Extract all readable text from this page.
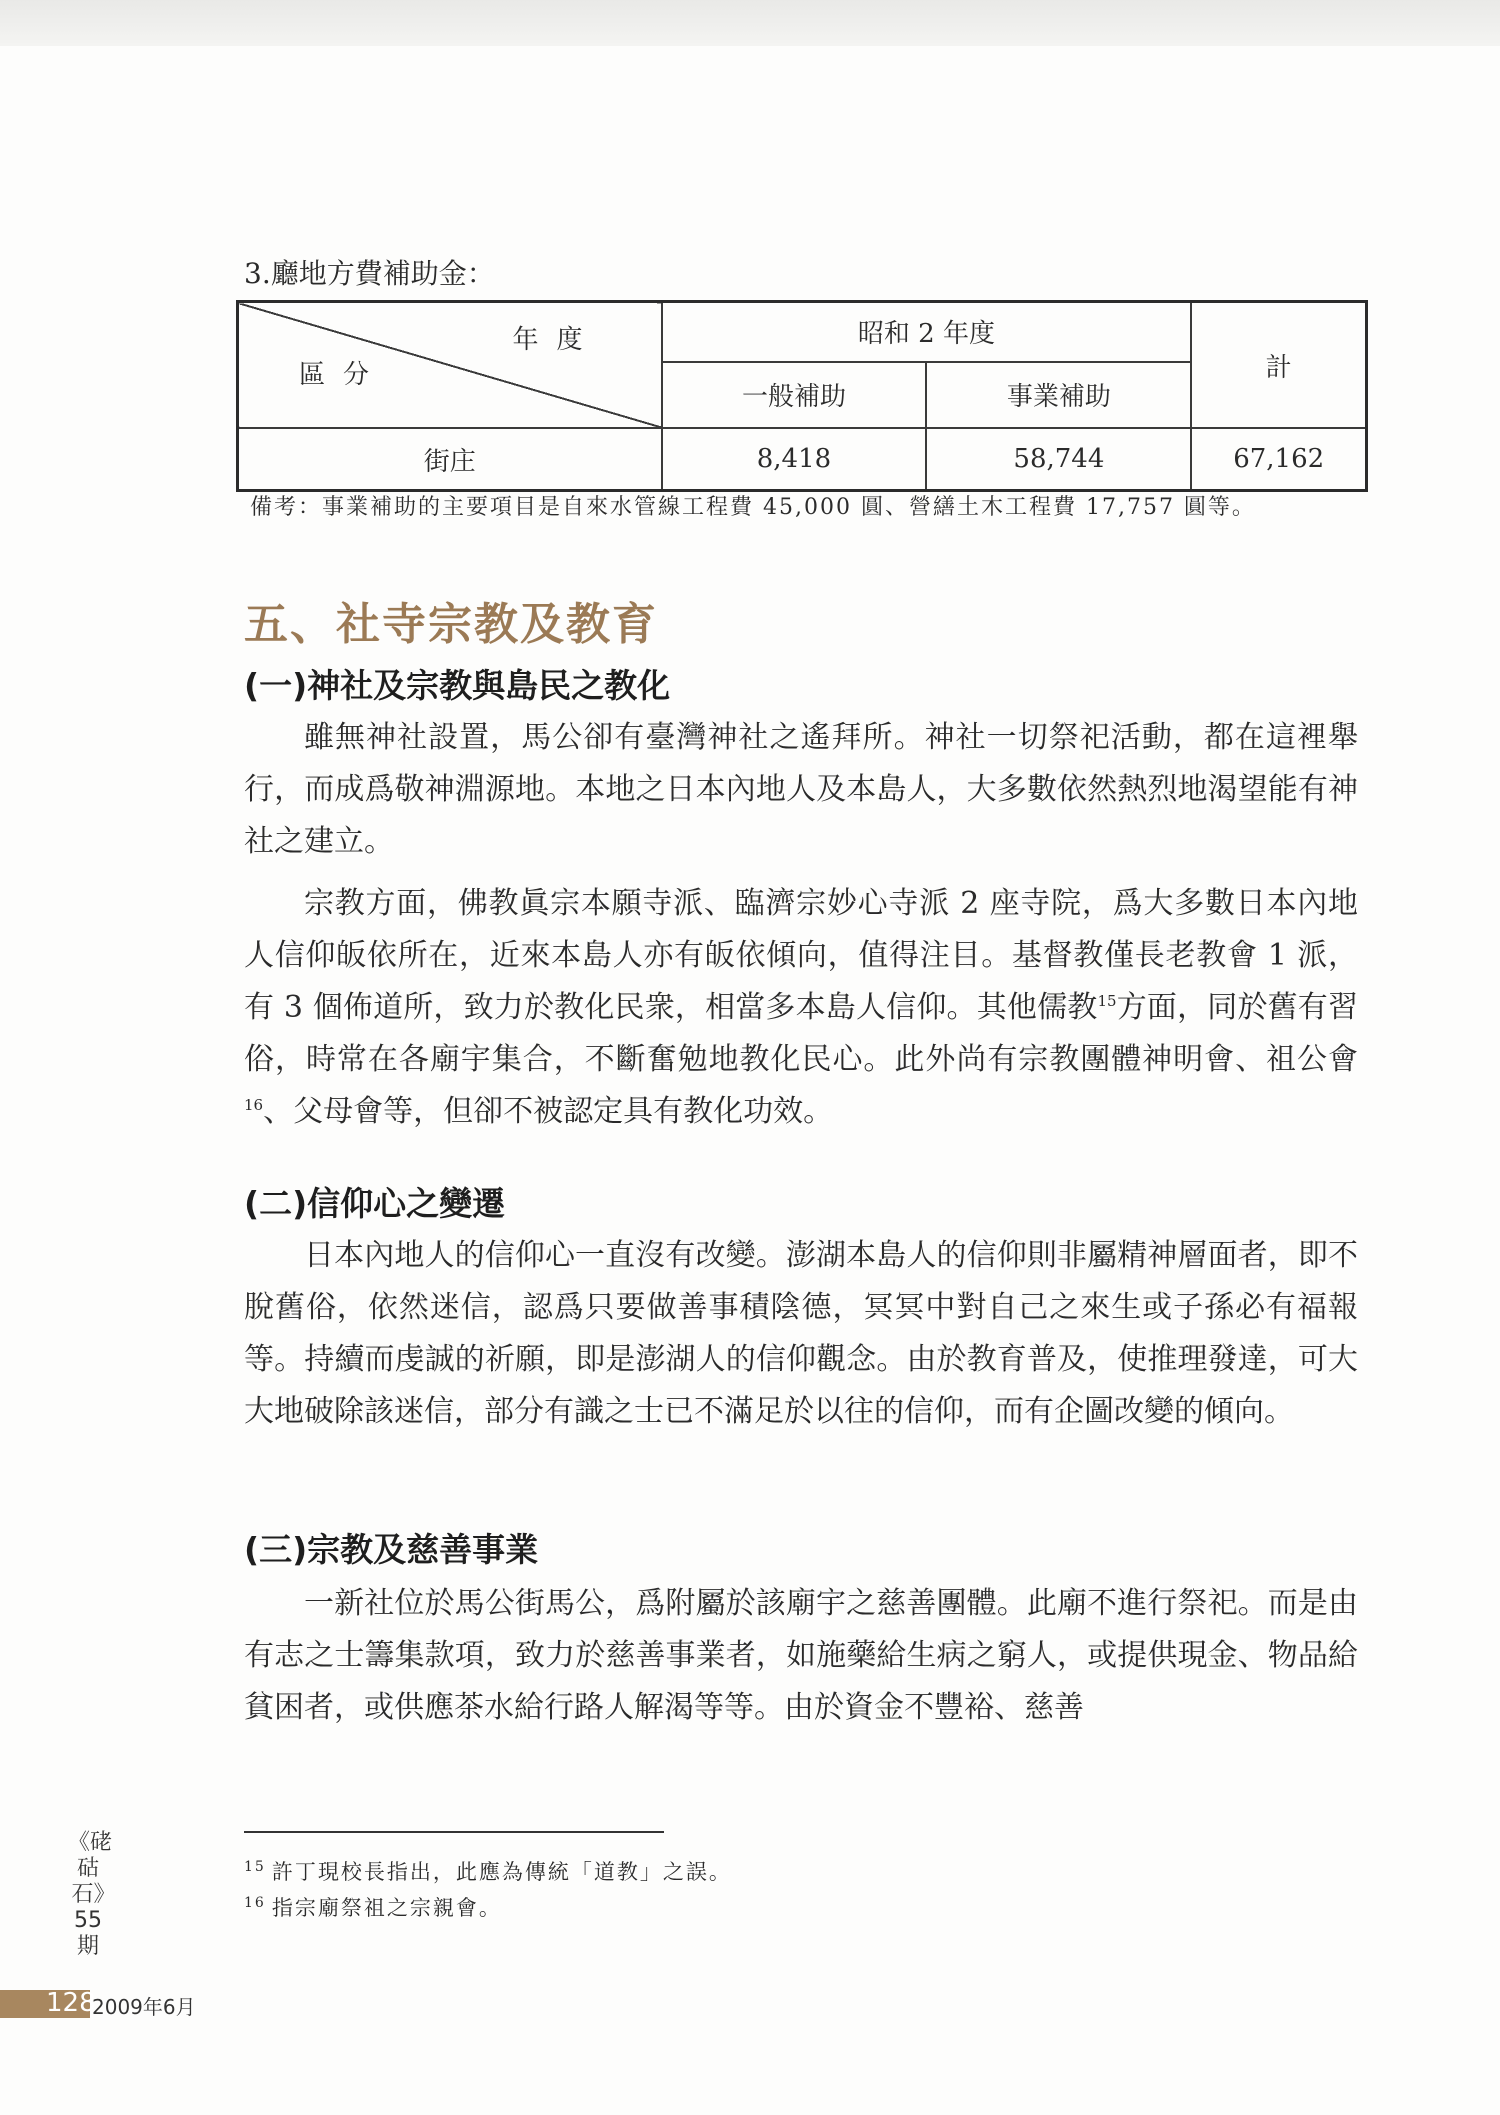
3.廳地方費補助金：
年度
區分	昭和 2 年度		計
	一般補助	事業補助	
街庄	8,418	58,744	67,162
備考：事業補助的主要項目是自來水管線工程費 45,000 圓、營繕土木工程費 17,757 圓等。
五、社寺宗教及教育
(一)神社及宗教與島民之教化

雖無神社設置，馬公卻有臺灣神社之遙拜所。神社一切祭祀活動，都在這裡舉行，而成爲敬神淵源地。本地之日本內地人及本島人，大多數依然熱烈地渴望能有神社之建立。

宗教方面，佛教眞宗本願寺派、臨濟宗妙心寺派 2 座寺院，爲大多數日本內地人信仰皈依所在，近來本島人亦有皈依傾向，值得注目。基督教僅長老教會 1 派，有 3 個佈道所，致力於教化民衆，相當多本島人信仰。其他儒教$^{15}$方面，同於舊有習俗，時常在各廟宇集合，不斷奮勉地教化民心。此外尚有宗教團體神明會、祖公會$^{16}$、父母會等，但卻不被認定具有教化功效。

(二)信仰心之變遷

日本內地人的信仰心一直沒有改變。澎湖本島人的信仰則非屬精神層面者，即不脫舊俗，依然迷信，認爲只要做善事積陰德，冥冥中對自己之來生或子孫必有福報等。持續而虔誠的祈願，即是澎湖人的信仰觀念。由於教育普及，使推理發達，可大大地破除該迷信，部分有識之士已不滿足於以往的信仰，而有企圖改變的傾向。

(三)宗教及慈善事業

一新社位於馬公街馬公，爲附屬於該廟宇之慈善團體。此廟不進行祭祀。而是由有志之士籌集款項，致力於慈善事業者，如施藥給生病之窮人，或提供現金、物品給貧困者，或供應茶水給行路人解渴等等。由於資金不豐裕、慈善

$^{15}$ 許丁現校長指出，此應為傳統「道教」之誤。
$^{16}$ 指宗廟祭祖之宗親會。
《硓𥑮石》55期
128
2009年6月
